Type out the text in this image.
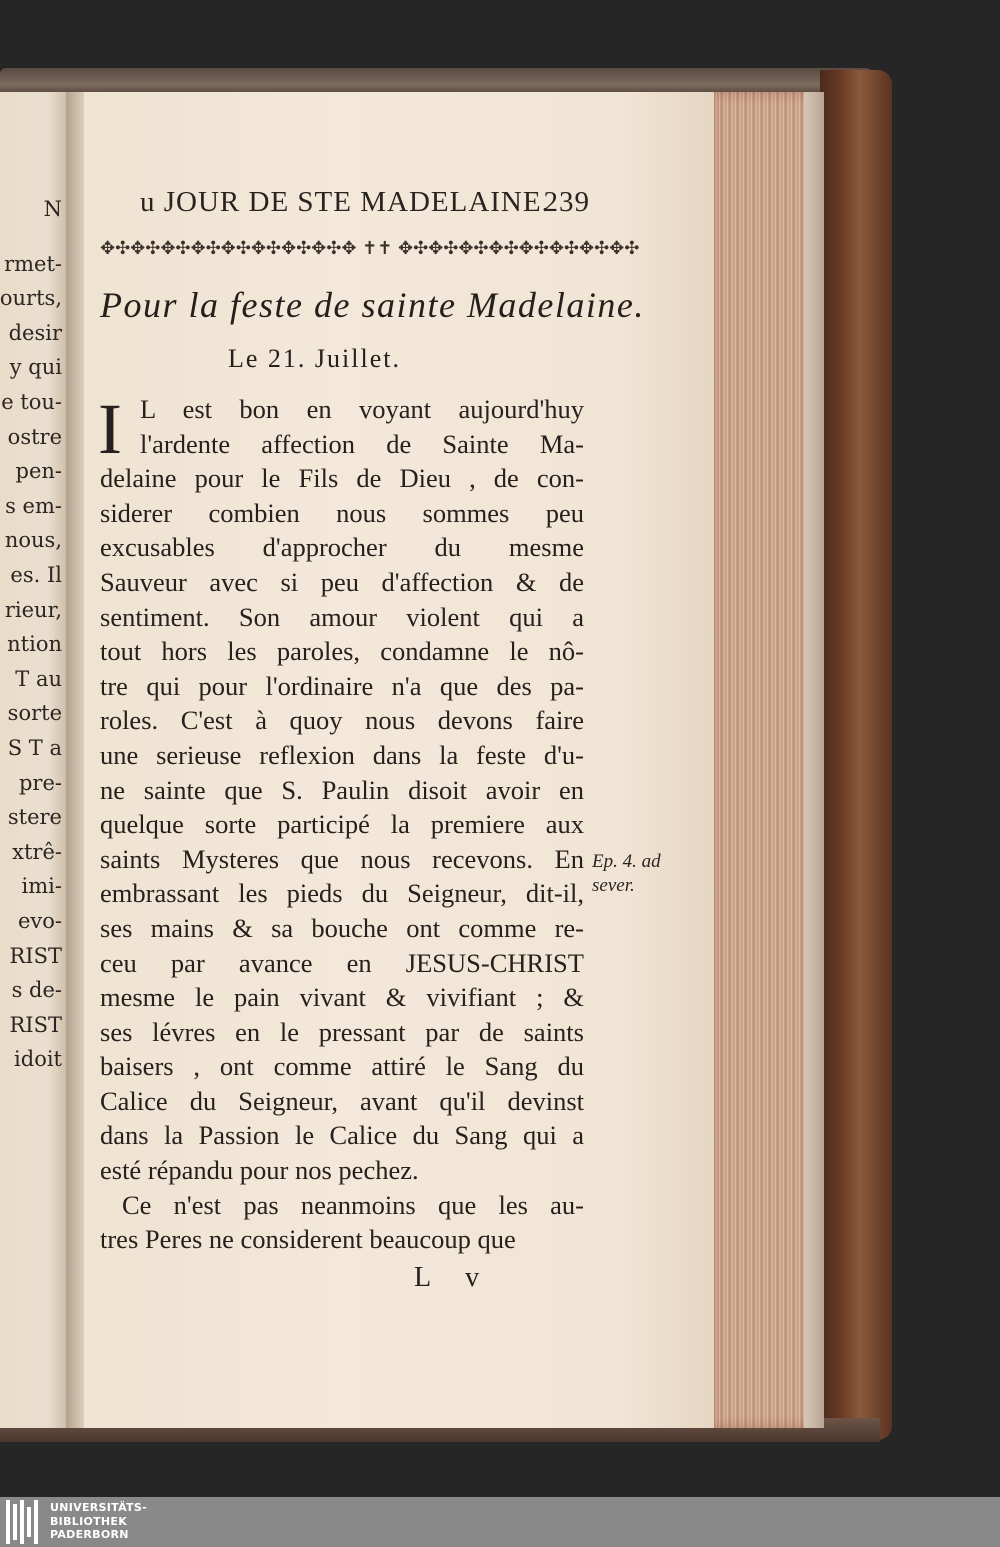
N
rmet-
ourts,
desir
y qui
e tou-
ostre
pen-
s em-
nous,
es. Il
rieur,
ntion
T au
sorte
S T a
pre-
stere
xtrê-
imi-
evo-
RIST
s de-
RIST
idoit
u JOUR DE STE MADELAINE.
239
✥✣✥✣✥✣✥✣✥✣✥✣✥✣✥✣✥ ✝✝ ✥✣✥✣✥✣✥✣✥✣✥✣✥✣✥✣
Pour la feste de sainte Madelaine.
Le 21. Juillet.
I L est bon en voyant aujourd'huy
l'ardente affection de Sainte Ma-
delaine pour le Fils de Dieu , de con-
siderer combien nous sommes peu
excusables d'approcher du mesme
Sauveur avec si peu d'affection & de
sentiment. Son amour violent qui a
tout hors les paroles, condamne le nô-
tre qui pour l'ordinaire n'a que des pa-
roles. C'est à quoy nous devons faire
une serieuse reflexion dans la feste d'u-
ne sainte que S. Paulin disoit avoir en
quelque sorte participé la premiere aux
saints Mysteres que nous recevons. En
embrassant les pieds du Seigneur, dit-il,
ses mains & sa bouche ont comme re-
ceu par avance en JESUS-CHRIST
mesme le pain vivant & vivifiant ; &
ses lévres en le pressant par de saints
baisers , ont comme attiré le Sang du
Calice du Seigneur, avant qu'il devinst
dans la Passion le Calice du Sang qui a
esté répandu pour nos pechez.
Ce n'est pas neanmoins que les au-
tres Peres ne considerent beaucoup que
Ep. 4. ad
sever.
L v
UNIVERSITÄTS-
BIBLIOTHEK
PADERBORN
